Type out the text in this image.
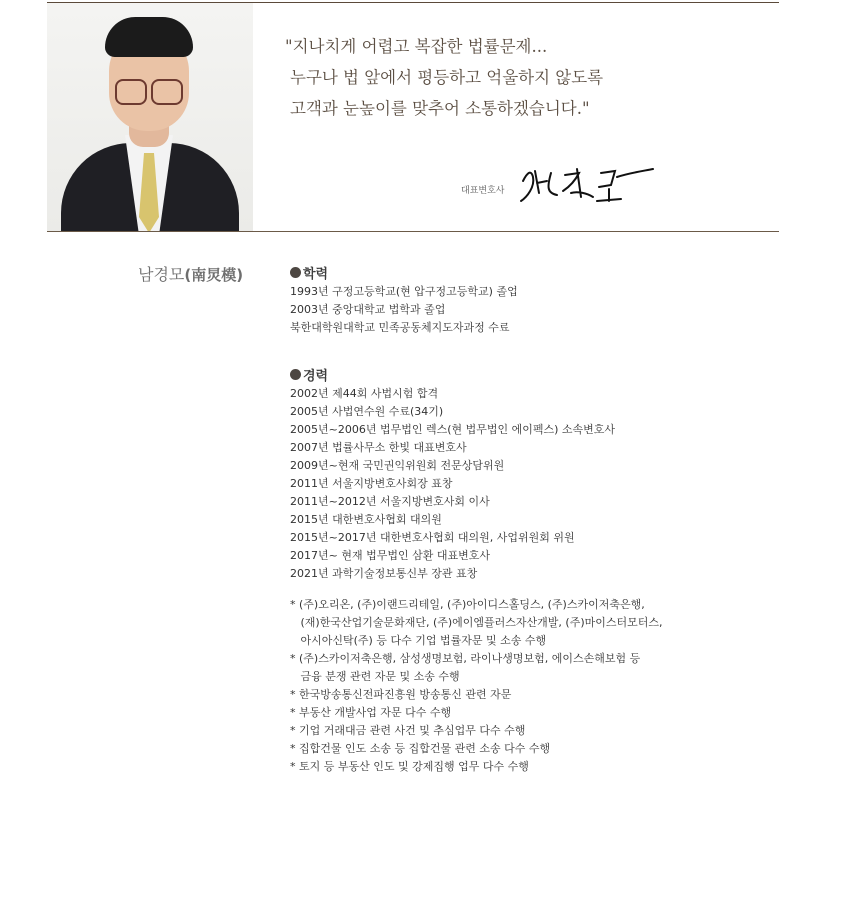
"지나치게 어렵고 복잡한 법률문제...
누구나 법 앞에서 평등하고 억울하지 않도록
고객과 눈높이를 맞추어 소통하겠습니다."
대표변호사
남경모(南炅模)	학력
1993년 구정고등학교(현 압구정고등학교) 졸업
2003년 중앙대학교 법학과 졸업
북한대학원대학교 민족공동체지도자과정 수료
경력
2002년 제44회 사법시험 합격
2005년 사법연수원 수료(34기)
2005년~2006년 법무법인 렉스(현 법무법인 에이펙스) 소속변호사
2007년 법률사무소 한빛 대표변호사
2009년~현재 국민권익위원회 전문상담위원
2011년 서울지방변호사회장 표창
2011년~2012년 서울지방변호사회 이사
2015년 대한변호사협회 대의원
2015년~2017년 대한변호사협회 대의원, 사업위원회 위원
2017년~ 현재 법무법인 삼환 대표변호사
2021년 과학기술정보통신부 장관 표창
* (주)오리온, (주)이랜드리테일, (주)아이디스홀딩스, (주)스카이저축은행,
(재)한국산업기술문화재단, (주)에이엠플러스자산개발, (주)마이스터모터스,
아시아신탁(주) 등 다수 기업 법률자문 및 소송 수행
* (주)스카이저축은행, 삼성생명보험, 라이나생명보험, 에이스손해보험 등
금융 분쟁 관련 자문 및 소송 수행
* 한국방송통신전파진흥원 방송통신 관련 자문
* 부동산 개발사업 자문 다수 수행
* 기업 거래대금 관련 사건 및 추심업무 다수 수행
* 집합건물 인도 소송 등 집합건물 관련 소송 다수 수행
* 토지 등 부동산 인도 및 강제집행 업무 다수 수행
